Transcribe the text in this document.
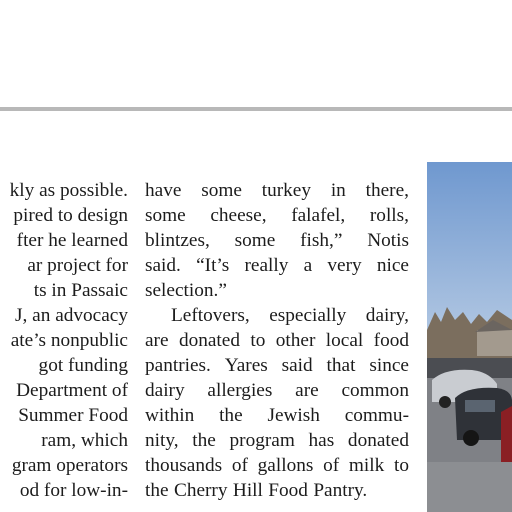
kly as possible.
pired to design
fter he learned
ar project for
ts in Passaic
J, an advocacy
ate’s nonpublic
got funding
Department of
Summer Food
ram, which
gram operators
od for low-in-
have some turkey in there,
some cheese, falafel, rolls,
blintzes, some fish,” Notis
said. “It’s really a very nice
selection.”
Leftovers, especially dairy,
are donated to other local food
pantries. Yares said that since
dairy allergies are common
within the Jewish commu-
nity, the program has donated
thousands of gallons of milk to
the Cherry Hill Food Pantry.
